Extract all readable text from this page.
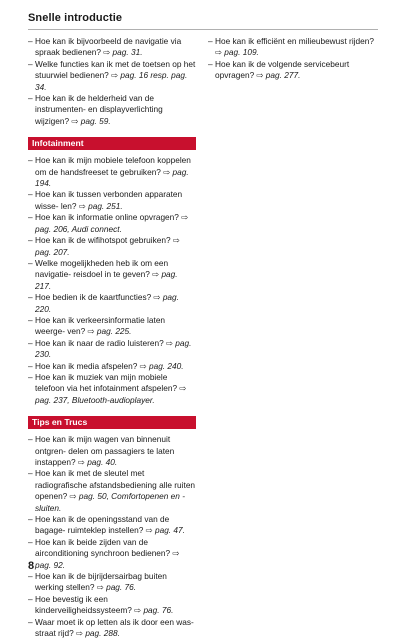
Snelle introductie
– Hoe kan ik bijvoorbeeld de navigatie via spraak bedienen? ⇨ pag. 31.
– Welke functies kan ik met de toetsen op het stuurwiel bedienen? ⇨ pag. 16 resp. pag. 34.
– Hoe kan ik de helderheid van de instrumenten- en displayverlichting wijzigen? ⇨ pag. 59.
Infotainment
– Hoe kan ik mijn mobiele telefoon koppelen om de handsfreeset te gebruiken? ⇨ pag. 194.
– Hoe kan ik tussen verbonden apparaten wisse- len? ⇨ pag. 251.
– Hoe kan ik informatie online opvragen? ⇨ pag. 206, Audi connect.
– Hoe kan ik de wifihotspot gebruiken? ⇨ pag. 207.
– Welke mogelijkheden heb ik om een navigatie- reisdoel in te geven? ⇨ pag. 217.
– Hoe bedien ik de kaartfuncties? ⇨ pag. 220.
– Hoe kan ik verkeersinformatie laten weerge- ven? ⇨ pag. 225.
– Hoe kan ik naar de radio luisteren? ⇨ pag. 230.
– Hoe kan ik media afspelen? ⇨ pag. 240.
– Hoe kan ik muziek van mijn mobiele telefoon via het infotainment afspelen? ⇨ pag. 237, Bluetooth-audioplayer.
Tips en Trucs
– Hoe kan ik mijn wagen van binnenuit ontgren- delen om passagiers te laten instappen? ⇨ pag. 40.
– Hoe kan ik met de sleutel met radiografische afstandsbediening alle ruiten openen? ⇨ pag. 50, Comfortopenen en -sluiten.
– Hoe kan ik de openingsstand van de bagage- ruimteklep instellen? ⇨ pag. 47.
– Hoe kan ik beide zijden van de airconditioning synchroon bedienen? ⇨ pag. 92.
– Hoe kan ik de bijrijdersairbag buiten werking stellen? ⇨ pag. 76.
– Hoe bevestig ik een kinderveiligheidssysteem? ⇨ pag. 76.
– Waar moet ik op letten als ik door een was- straat rijd? ⇨ pag. 288.
– Hoe kan ik efficiënt en milieubewust rijden? ⇨ pag. 109.
– Hoe kan ik de volgende servicebeurt opvragen? ⇨ pag. 277.
8
